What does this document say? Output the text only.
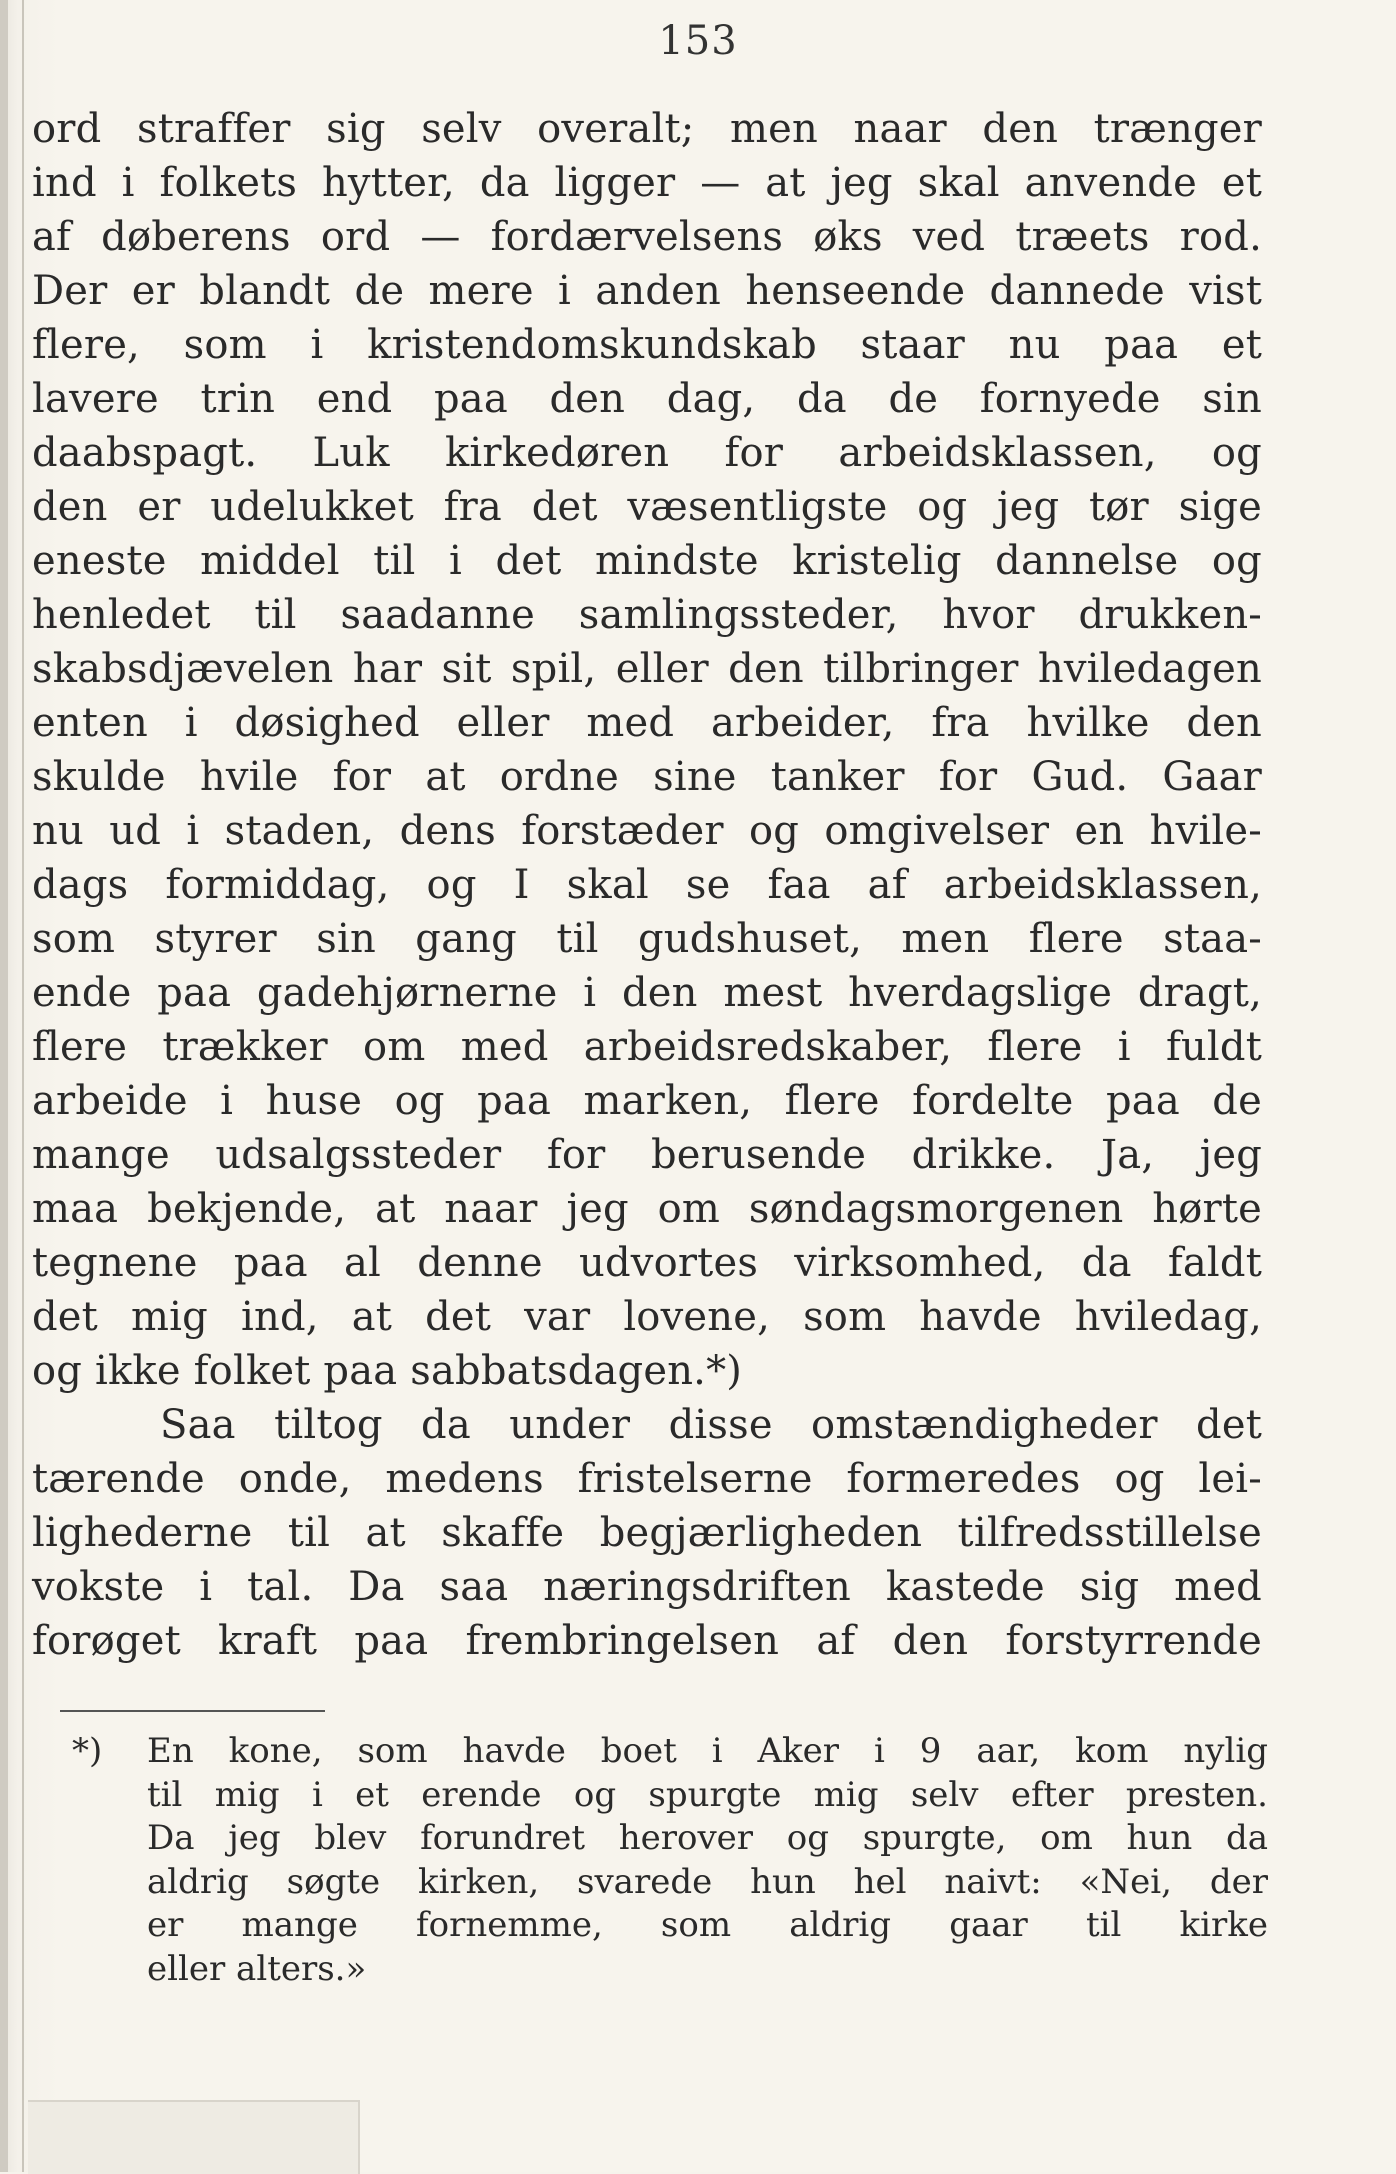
153
ord straffer sig selv overalt; men naar den trænger
ind i folkets hytter, da ligger — at jeg skal anvende et
af døberens ord — fordærvelsens øks ved træets rod.
Der er blandt de mere i anden henseende dannede vist
flere, som i kristendomskundskab staar nu paa et
lavere trin end paa den dag, da de fornyede sin
daabspagt. Luk kirkedøren for arbeidsklassen, og
den er udelukket fra det væsentligste og jeg tør sige
eneste middel til i det mindste kristelig dannelse og
henledet til saadanne samlingssteder, hvor drukken-
skabsdjævelen har sit spil, eller den tilbringer hviledagen
enten i døsighed eller med arbeider, fra hvilke den
skulde hvile for at ordne sine tanker for Gud. Gaar
nu ud i staden, dens forstæder og omgivelser en hvile-
dags formiddag, og I skal se faa af arbeidsklassen,
som styrer sin gang til gudshuset, men flere staa-
ende paa gadehjørnerne i den mest hverdagslige dragt,
flere trækker om med arbeidsredskaber, flere i fuldt
arbeide i huse og paa marken, flere fordelte paa de
mange udsalgssteder for berusende drikke. Ja, jeg
maa bekjende, at naar jeg om søndagsmorgenen hørte
tegnene paa al denne udvortes virksomhed, da faldt
det mig ind, at det var lovene, som havde hviledag,
og ikke folket paa sabbatsdagen.*)
Saa tiltog da under disse omstændigheder det
tærende onde, medens fristelserne formeredes og lei-
lighederne til at skaffe begjærligheden tilfredsstillelse
vokste i tal. Da saa næringsdriften kastede sig med
forøget kraft paa frembringelsen af den forstyrrende
*) En kone, som havde boet i Aker i 9 aar, kom nylig
til mig i et erende og spurgte mig selv efter presten.
Da jeg blev forundret herover og spurgte, om hun da
aldrig søgte kirken, svarede hun hel naivt: «Nei, der
er mange fornemme, som aldrig gaar til kirke
eller alters.»
